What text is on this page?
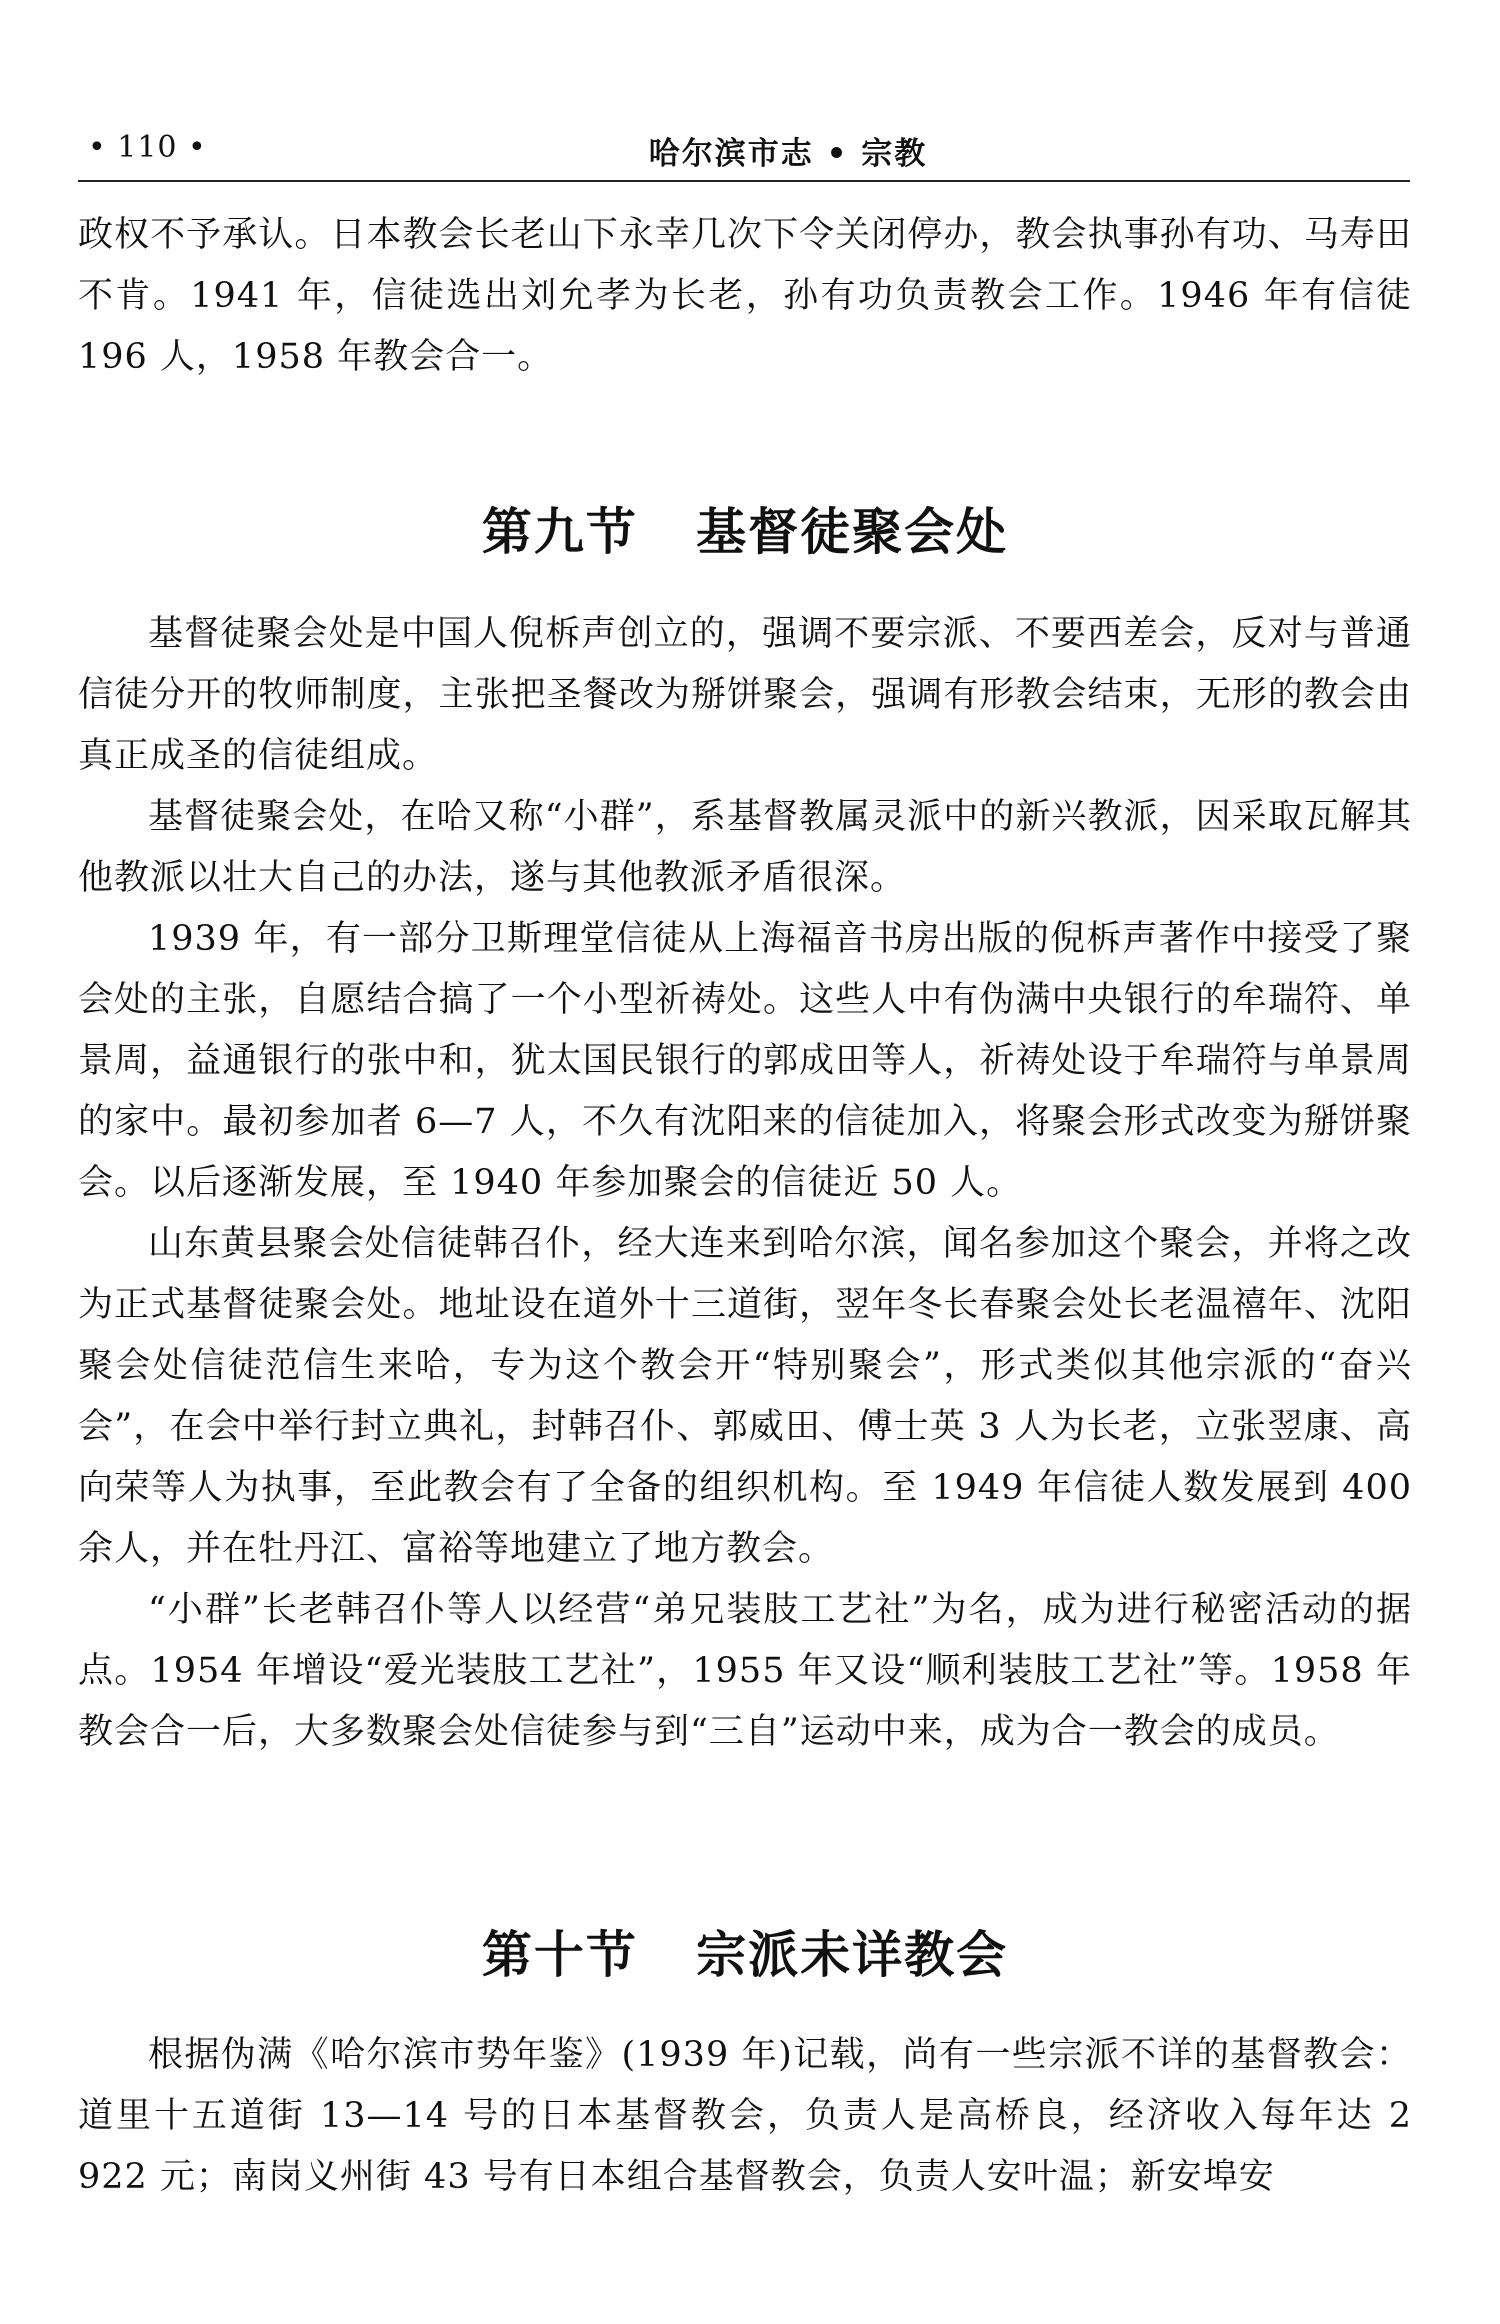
• 110 •	哈尔滨市志 • 宗教

政权不予承认。日本教会长老山下永幸几次下令关闭停办，教会执事孙有功、马寿田不肯。1941 年，信徒选出刘允孝为长老，孙有功负责教会工作。1946 年有信徒 196 人，1958 年教会合一。

第九节   基督徒聚会处

基督徒聚会处是中国人倪柝声创立的，强调不要宗派、不要西差会，反对与普通信徒分开的牧师制度，主张把圣餐改为掰饼聚会，强调有形教会结束，无形的教会由真正成圣的信徒组成。

基督徒聚会处，在哈又称“小群”，系基督教属灵派中的新兴教派，因采取瓦解其他教派以壮大自己的办法，遂与其他教派矛盾很深。

1939 年，有一部分卫斯理堂信徒从上海福音书房出版的倪柝声著作中接受了聚会处的主张，自愿结合搞了一个小型祈祷处。这些人中有伪满中央银行的牟瑞符、单景周，益通银行的张中和，犹太国民银行的郭成田等人，祈祷处设于牟瑞符与单景周的家中。最初参加者 6—7 人，不久有沈阳来的信徒加入，将聚会形式改变为掰饼聚会。以后逐渐发展，至 1940 年参加聚会的信徒近 50 人。

山东黄县聚会处信徒韩召仆，经大连来到哈尔滨，闻名参加这个聚会，并将之改为正式基督徒聚会处。地址设在道外十三道街，翌年冬长春聚会处长老温禧年、沈阳聚会处信徒范信生来哈，专为这个教会开“特别聚会”，形式类似其他宗派的“奋兴会”，在会中举行封立典礼，封韩召仆、郭威田、傅士英 3 人为长老，立张翌康、高向荣等人为执事，至此教会有了全备的组织机构。至 1949 年信徒人数发展到 400 余人，并在牡丹江、富裕等地建立了地方教会。

“小群”长老韩召仆等人以经营“弟兄装肢工艺社”为名，成为进行秘密活动的据点。1954 年增设“爱光装肢工艺社”，1955 年又设“顺利装肢工艺社”等。1958 年教会合一后，大多数聚会处信徒参与到“三自”运动中来，成为合一教会的成员。

第十节   宗派未详教会

根据伪满《哈尔滨市势年鉴》(1939 年)记载，尚有一些宗派不详的基督教会：道里十五道街 13—14 号的日本基督教会，负责人是高桥良，经济收入每年达 2 922 元；南岗义州街 43 号有日本组合基督教会，负责人安叶温；新安埠安
